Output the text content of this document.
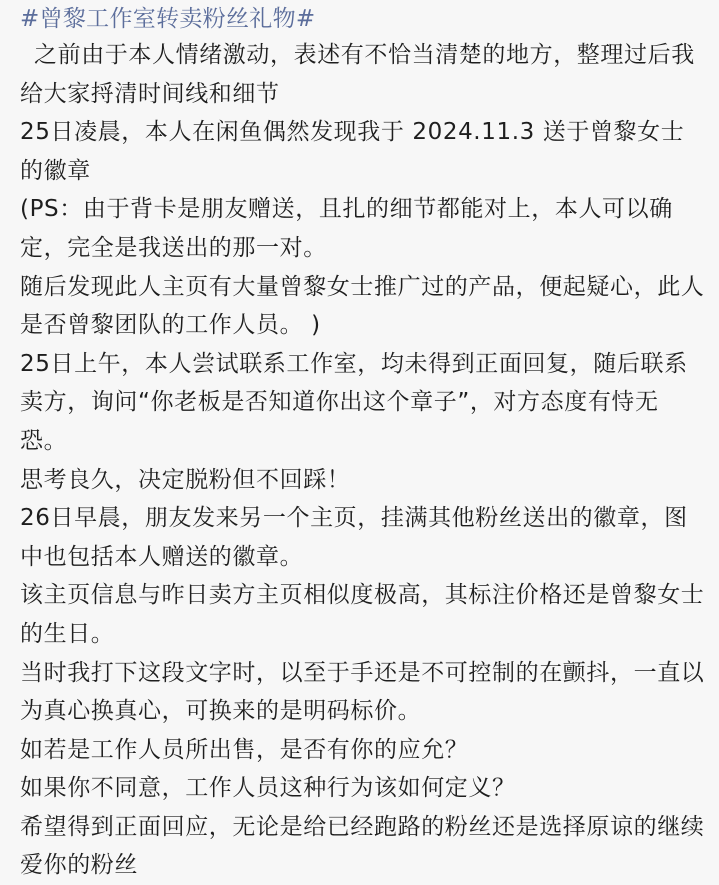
#曾黎工作室转卖粉丝礼物#

之前由于本人情绪激动，表述有不恰当清楚的地方，整理过后我给大家捋清时间线和细节

25日凌晨，本人在闲鱼偶然发现我于 2024.11.3 送于曾黎女士的徽章

(PS：由于背卡是朋友赠送，且扎的细节都能对上，本人可以确定，完全是我送出的那一对。

随后发现此人主页有大量曾黎女士推广过的产品，便起疑心，此人是否曾黎团队的工作人员。 )

25日上午，本人尝试联系工作室，均未得到正面回复，随后联系卖方，询问“你老板是否知道你出这个章子”，对方态度有恃无恐。

思考良久，决定脱粉但不回踩！

26日早晨，朋友发来另一个主页，挂满其他粉丝送出的徽章，图中也包括本人赠送的徽章。

该主页信息与昨日卖方主页相似度极高，其标注价格还是曾黎女士的生日。

当时我打下这段文字时，以至于手还是不可控制的在颤抖，一直以为真心换真心，可换来的是明码标价。

如若是工作人员所出售，是否有你的应允？

如果你不同意，工作人员这种行为该如何定义？

希望得到正面回应，无论是给已经跑路的粉丝还是选择原谅的继续爱你的粉丝
